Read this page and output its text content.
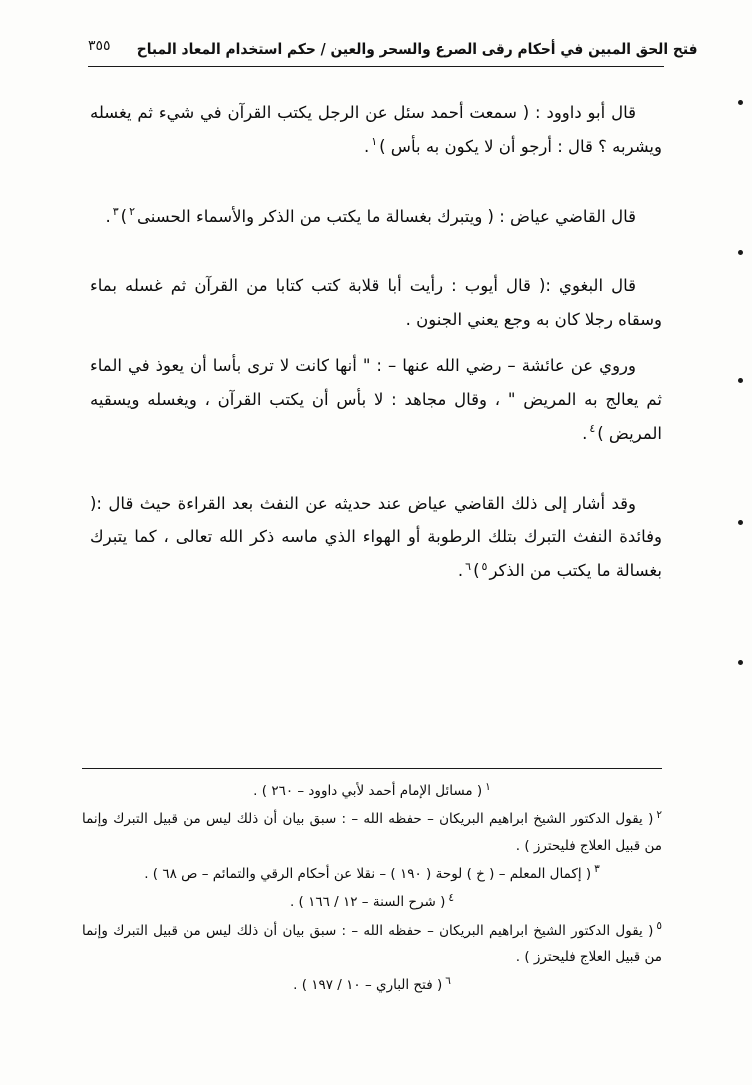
فتح الحق المبين في أحكام رقى الصرع والسحر والعين / حكم استخدام المعاد المباح
٣٥٥

قال أبو داوود : ( سمعت أحمد سئل عن الرجل يكتب القرآن في شيء ثم يغسله ويشربه ؟ قال : أرجو أن لا يكون به بأس )$^١$.

قال القاضي عياض : ( ويتبرك بغسالة ما يكتب من الذكر والأسماء الحسنى$^٢$)$^٣$.

قال البغوي :( قال أيوب : رأيت أبا قلابة كتب كتابا من القرآن ثم غسله بماء وسقاه رجلا كان به وجع يعني الجنون .

وروي عن عائشة – رضي الله عنها – : " أنها كانت لا ترى بأسا أن يعوذ في الماء ثم يعالج به المريض " ، وقال مجاهد : لا بأس أن يكتب القرآن ، ويغسله ويسقيه المريض )$^٤$.

وقد أشار إلى ذلك القاضي عياض عند حديثه عن النفث بعد القراءة حيث قال :( وفائدة النفث التبرك بتلك الرطوبة أو الهواء الذي ماسه ذكر الله تعالى ، كما يتبرك بغسالة ما يكتب من الذكر$^٥$)$^٦$.

$^١$( مسائل الإمام أحمد لأبي داوود – ٢٦٠ ) .
$^٢$( يقول الدكتور الشيخ ابراهيم البريكان – حفظه الله – : سبق بيان أن ذلك ليس من قبيل التبرك وإنما من قبيل العلاج فليحترز ) .
$^٣$( إكمال المعلم – ( خ ) لوحة ( ١٩٠ ) – نقلا عن أحكام الرقي والتمائم – ص ٦٨ ) .
$^٤$( شرح السنة – ١٢ / ١٦٦ ) .
$^٥$( يقول الدكتور الشيخ ابراهيم البريكان – حفظه الله – : سبق بيان أن ذلك ليس من قبيل التبرك وإنما من قبيل العلاج فليحترز ) .
$^٦$( فتح الباري – ١٠ / ١٩٧ ) .
